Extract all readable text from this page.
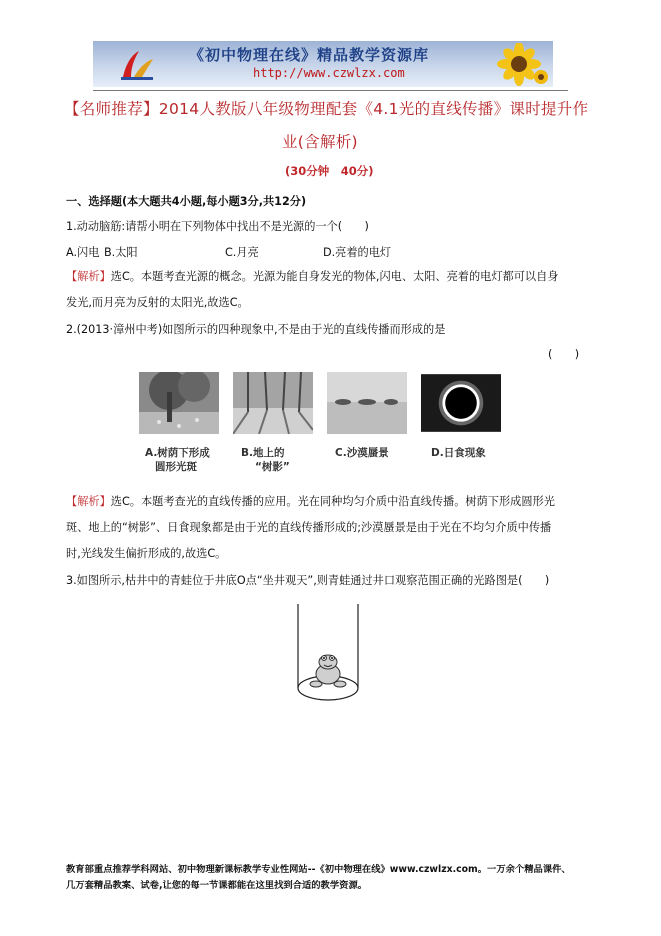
《初中物理在线》精品教学资源库
http://www.czwlzx.com
【名师推荐】2014人教版八年级物理配套《4.1光的直线传播》课时提升作
业(含解析)
(30分钟　40分)
一、选择题(本大题共4小题,每小题3分,共12分)
1.动动脑筋:请帮小明在下列物体中找出不是光源的一个(　　)
A.闪电 B.太阳	C.月亮	D.亮着的电灯
【解析】选C。本题考查光源的概念。光源为能自身发光的物体,闪电、太阳、亮着的电灯都可以自身
发光,而月亮为反射的太阳光,故选C。
2.(2013·漳州中考)如图所示的四种现象中,不是由于光的直线传播而形成的是
(　　)
A.树荫下形成
圆形光斑
B.地上的
“树影”
C.沙漠蜃景	D.日食现象
【解析】选C。本题考查光的直线传播的应用。光在同种均匀介质中沿直线传播。树荫下形成圆形光
斑、地上的“树影”、日食现象都是由于光的直线传播形成的;沙漠蜃景是由于光在不均匀介质中传播
时,光线发生偏折形成的,故选C。
3.如图所示,枯井中的青蛙位于井底O点“坐井观天”,则青蛙通过井口观察范围正确的光路图是(　　)
教育部重点推荐学科网站、初中物理新课标教学专业性网站--《初中物理在线》www.czwlzx.com。一万余个精品课件、
几万套精品教案、试卷,让您的每一节课都能在这里找到合适的教学资源。
